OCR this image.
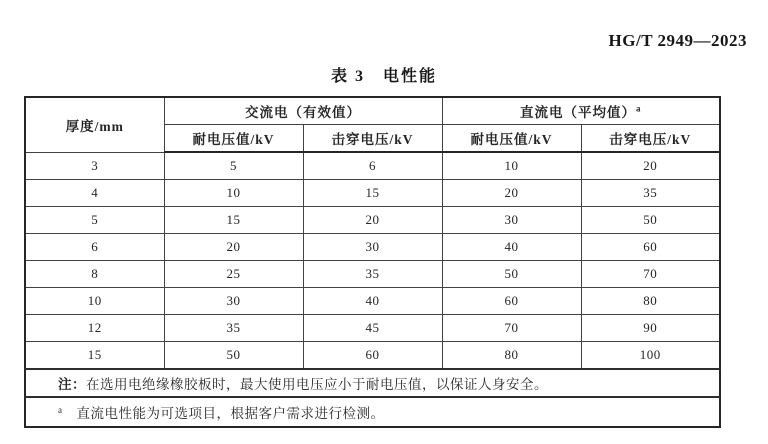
HG/T 2949—2023
表 3　电性能
厚度/mm	交流电（有效值）		直流电（平均值）$^a$
	耐电压值/kV	击穿电压/kV	耐电压值/kV	击穿电压/kV
3	5	6	10	20
4	10	15	20	35
5	15	20	30	50
6	20	30	40	60
8	25	35	50	70
10	30	40	60	80
12	35	45	70	90
15	50	60	80	100
注：在选用电绝缘橡胶板时，最大使用电压应小于耐电压值，以保证人身安全。				
$^a$ 直流电性能为可选项目，根据客户需求进行检测。				
